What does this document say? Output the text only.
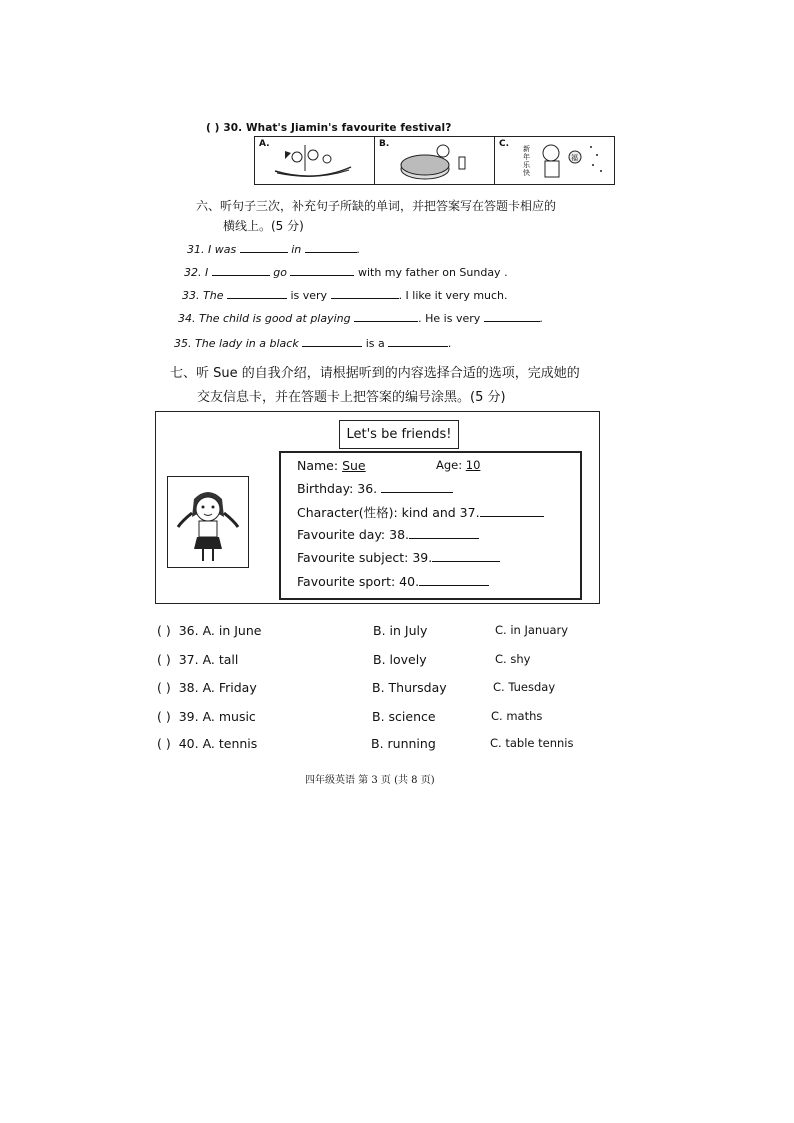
( ) 30. What's Jiamin's favourite festival?
A.	B.	C. 新
年
乐
快
福
六、听句子三次，补充句子所缺的单词，并把答案写在答题卡相应的
横线上。(5 分)
31. I was	in	.
32. I	go	with my father on Sunday .
33. The	is very	. I like it very much.
34. The child is good at playing	. He is very	.
35. The lady in a black	is a	.
七、听 Sue 的自我介绍，请根据听到的内容选择合适的选项，完成她的
交友信息卡，并在答题卡上把答案的编号涂黑。(5 分)
Let's be friends!
Name: Sue	Age: 10
Birthday: 36.
Character(性格): kind and 37.
Favourite day: 38.
Favourite subject: 39.
Favourite sport: 40.
( ) 36. A. in June	B. in July	C. in January
( ) 37. A. tall	B. lovely	C. shy
( ) 38. A. Friday	B. Thursday	C. Tuesday
( ) 39. A. music	B. science	C. maths
( ) 40. A. tennis	B. running	C. table tennis
四年级英语 第 3 页 (共 8 页)
